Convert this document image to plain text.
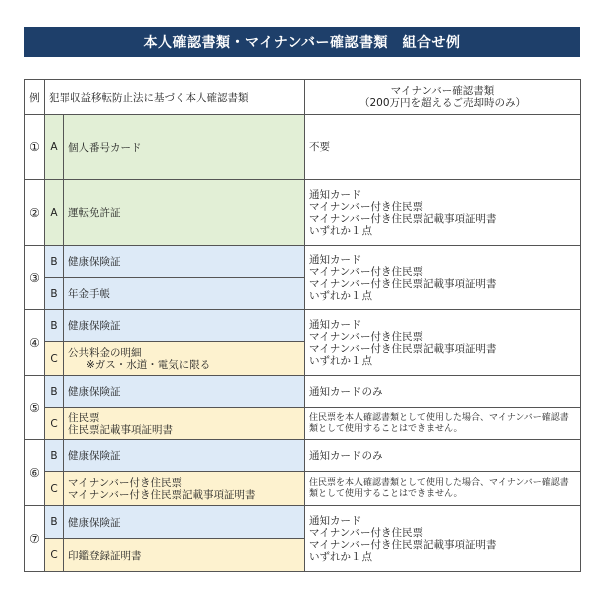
本人確認書類・マイナンバー確認書類　組合せ例
例	犯罪収益移転防止法に基づく本人確認書類		マイナンバー確認書類
（200万円を超えるご売却時のみ）

①	A	個人番号カード	不要
②	A	運転免許証	通知カード
マイナンバー付き住民票
マイナンバー付き住民票記載事項証明書
いずれか１点

③	B	健康保険証	通知カード
マイナンバー付き住民票
マイナンバー付き住民票記載事項証明書
いずれか１点

	B	年金手帳	
④	B	健康保険証	通知カード
マイナンバー付き住民票
マイナンバー付き住民票記載事項証明書
いずれか１点

	C	公共料金の明細
※ガス・水道・電気に限る	

⑤	B	健康保険証	通知カードのみ
	C	住民票
住民票記載事項証明書	住民票を本人確認書類として使用した場合、マイナンバー確認書類として使用することはできません。
⑥	B	健康保険証	通知カードのみ
	C	マイナンバー付き住民票
マイナンバー付き住民票記載事項証明書	住民票を本人確認書類として使用した場合、マイナンバー確認書類として使用することはできません。
⑦	B	健康保険証	通知カード
マイナンバー付き住民票
マイナンバー付き住民票記載事項証明書
いずれか１点

	C	印鑑登録証明書	
